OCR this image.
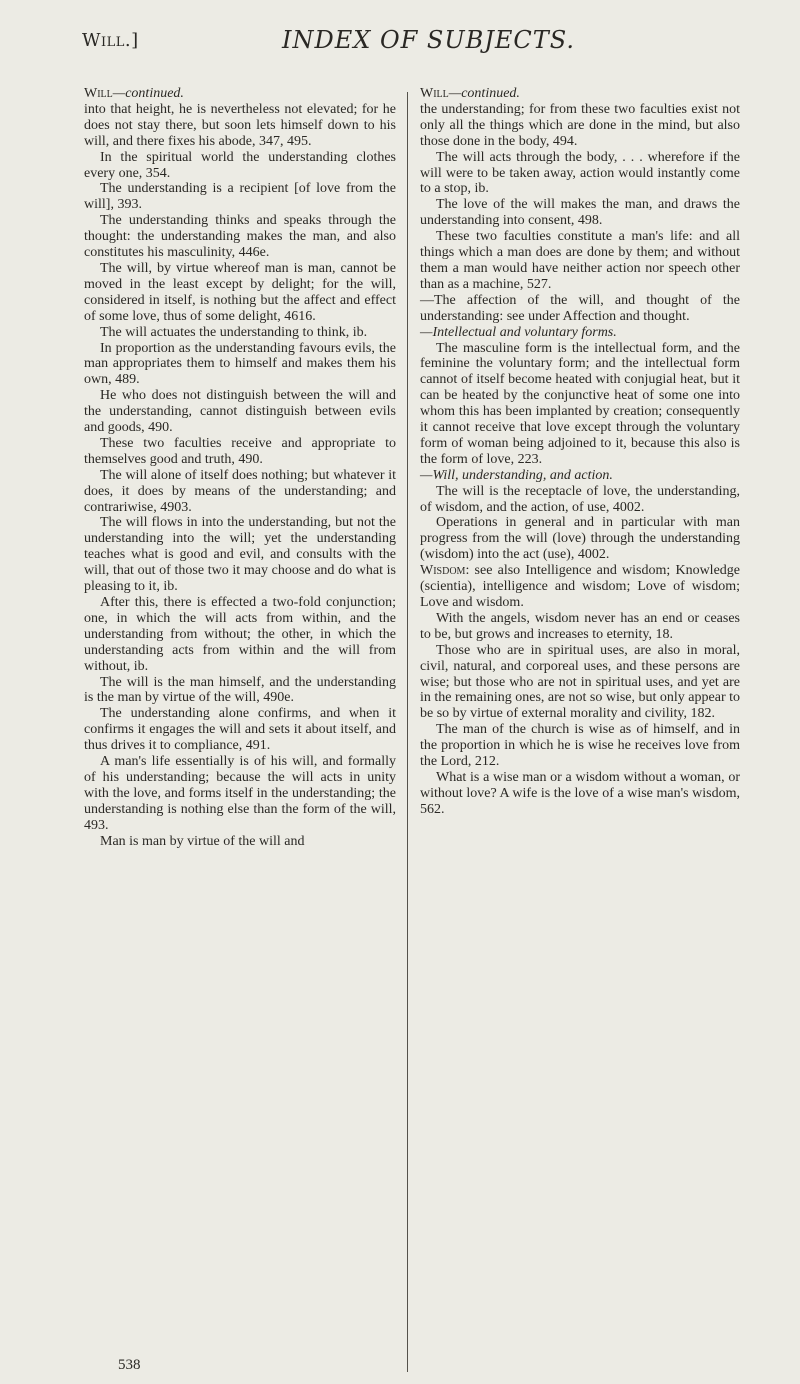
Will.]	INDEX OF SUBJECTS.

Will—continued.

into that height, he is nevertheless not elevated; for he does not stay there, but soon lets himself down to his will, and there fixes his abode, 347, 495.

In the spiritual world the understanding clothes every one, 354.

The understanding is a recipient [of love from the will], 393.

The understanding thinks and speaks through the thought: the understanding makes the man, and also constitutes his masculinity, 446e.

The will, by virtue whereof man is man, cannot be moved in the least except by delight; for the will, considered in itself, is nothing but the affect and effect of some love, thus of some delight, 4616.

The will actuates the understanding to think, ib.

In proportion as the understanding favours evils, the man appropriates them to himself and makes them his own, 489.

He who does not distinguish between the will and the understanding, cannot distinguish between evils and goods, 490.

These two faculties receive and appropriate to themselves good and truth, 490.

The will alone of itself does nothing; but whatever it does, it does by means of the understanding; and contrariwise, 4903.

The will flows in into the understanding, but not the understanding into the will; yet the understanding teaches what is good and evil, and consults with the will, that out of those two it may choose and do what is pleasing to it, ib.

After this, there is effected a two-fold conjunction; one, in which the will acts from within, and the understanding from without; the other, in which the understanding acts from within and the will from without, ib.

The will is the man himself, and the understanding is the man by virtue of the will, 490e.

The understanding alone confirms, and when it confirms it engages the will and sets it about itself, and thus drives it to compliance, 491.

A man's life essentially is of his will, and formally of his understanding; because the will acts in unity with the love, and forms itself in the understanding; the understanding is nothing else than the form of the will, 493.

Man is man by virtue of the will and

Will—continued.

the understanding; for from these two faculties exist not only all the things which are done in the mind, but also those done in the body, 494.

The will acts through the body, . . . wherefore if the will were to be taken away, action would instantly come to a stop, ib.

The love of the will makes the man, and draws the understanding into consent, 498.

These two faculties constitute a man's life: and all things which a man does are done by them; and without them a man would have neither action nor speech other than as a machine, 527.

—The affection of the will, and thought of the understanding: see under Affection and thought.

—Intellectual and voluntary forms.

The masculine form is the intellectual form, and the feminine the voluntary form; and the intellectual form cannot of itself become heated with conjugial heat, but it can be heated by the conjunctive heat of some one into whom this has been implanted by creation; consequently it cannot receive that love except through the voluntary form of woman being adjoined to it, because this also is the form of love, 223.

—Will, understanding, and action.

The will is the receptacle of love, the understanding, of wisdom, and the action, of use, 4002.

Operations in general and in particular with man progress from the will (love) through the understanding (wisdom) into the act (use), 4002.

Wisdom: see also Intelligence and wisdom; Knowledge (scientia), intelligence and wisdom; Love of wisdom; Love and wisdom.

With the angels, wisdom never has an end or ceases to be, but grows and increases to eternity, 18.

Those who are in spiritual uses, are also in moral, civil, natural, and corporeal uses, and these persons are wise; but those who are not in spiritual uses, and yet are in the remaining ones, are not so wise, but only appear to be so by virtue of external morality and civility, 182.

The man of the church is wise as of himself, and in the proportion in which he is wise he receives love from the Lord, 212.

What is a wise man or a wisdom without a woman, or without love? A wife is the love of a wise man's wisdom, 562.

538
